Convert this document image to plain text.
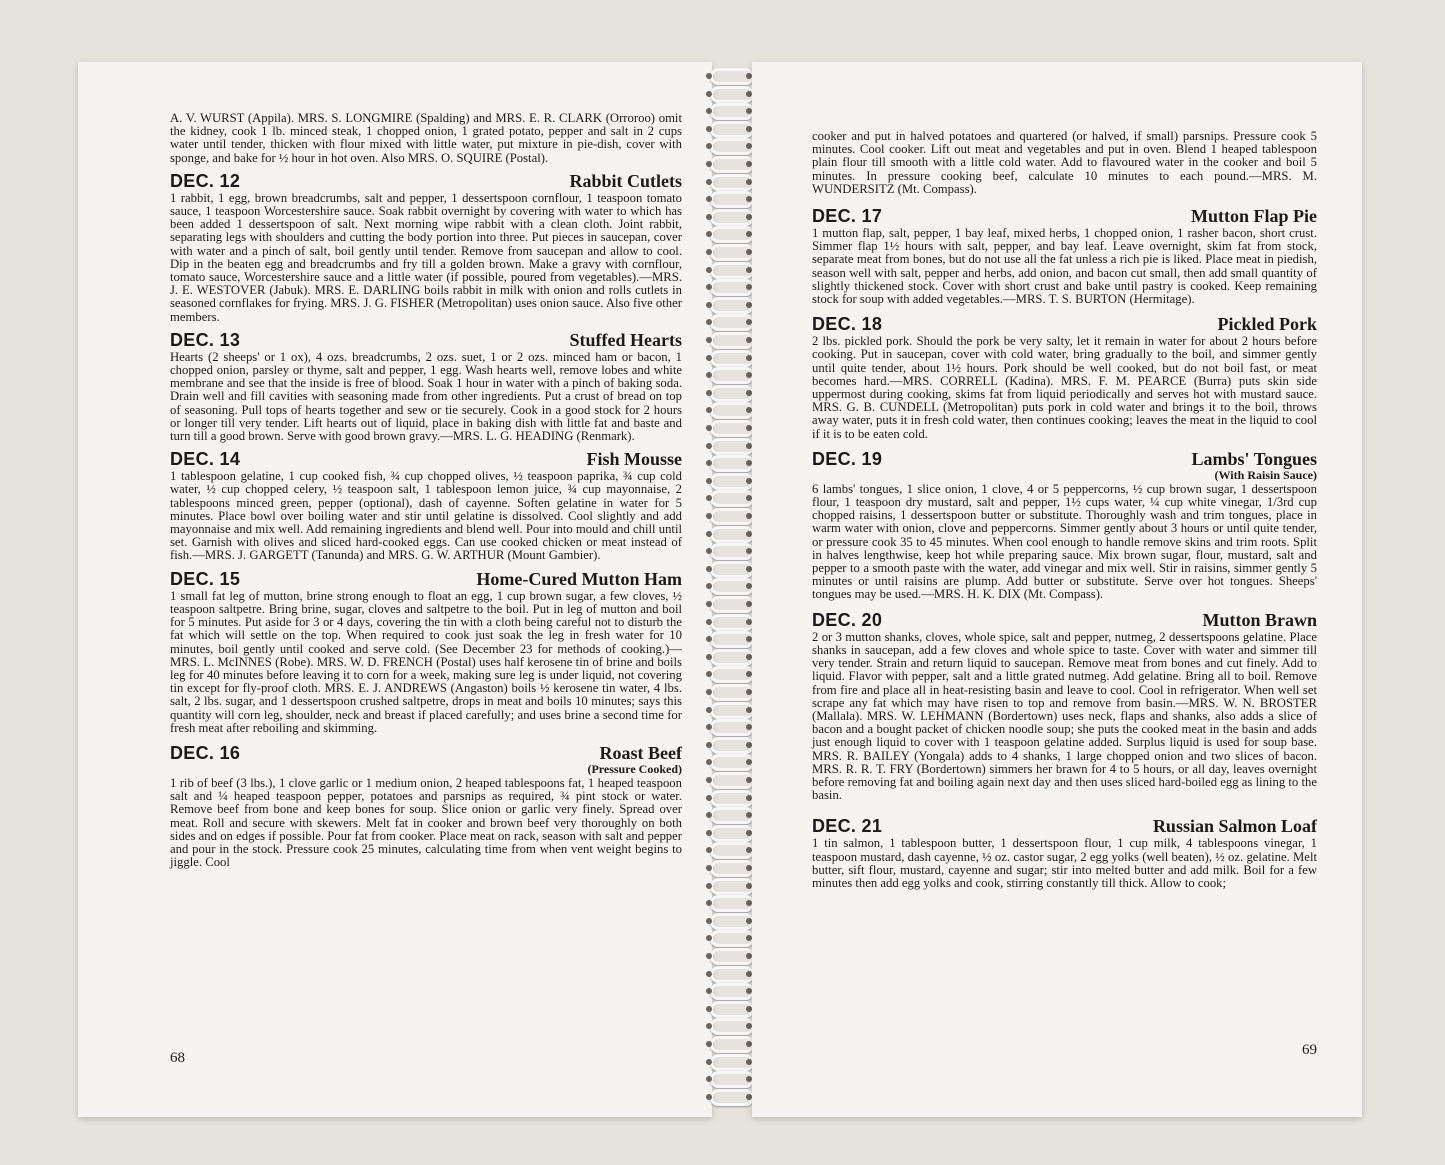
A. V. WURST (Appila). MRS. S. LONGMIRE (Spalding) and MRS. E. R. CLARK (Orroroo) omit the kidney, cook 1 lb. minced steak, 1 chopped onion, 1 grated potato, pepper and salt in 2 cups water until tender, thicken with flour mixed with little water, put mixture in pie-dish, cover with sponge, and bake for ½ hour in hot oven. Also MRS. O. SQUIRE (Postal).

DEC. 12	Rabbit Cutlets

1 rabbit, 1 egg, brown breadcrumbs, salt and pepper, 1 dessertspoon cornflour, 1 teaspoon tomato sauce, 1 teaspoon Worcestershire sauce. Soak rabbit overnight by covering with water to which has been added 1 dessertspoon of salt. Next morning wipe rabbit with a clean cloth. Joint rabbit, separating legs with shoulders and cutting the body portion into three. Put pieces in saucepan, cover with water and a pinch of salt, boil gently until tender. Remove from saucepan and allow to cool. Dip in the beaten egg and breadcrumbs and fry till a golden brown. Make a gravy with cornflour, tomato sauce, Worcestershire sauce and a little water (if possible, poured from vegetables).—MRS. J. E. WESTOVER (Jabuk). MRS. E. DARLING boils rabbit in milk with onion and rolls cutlets in seasoned cornflakes for frying. MRS. J. G. FISHER (Metropolitan) uses onion sauce. Also five other members.

DEC. 13	Stuffed Hearts

Hearts (2 sheeps' or 1 ox), 4 ozs. breadcrumbs, 2 ozs. suet, 1 or 2 ozs. minced ham or bacon, 1 chopped onion, parsley or thyme, salt and pepper, 1 egg. Wash hearts well, remove lobes and white membrane and see that the inside is free of blood. Soak 1 hour in water with a pinch of baking soda. Drain well and fill cavities with seasoning made from other ingredients. Put a crust of bread on top of seasoning. Pull tops of hearts together and sew or tie securely. Cook in a good stock for 2 hours or longer till very tender. Lift hearts out of liquid, place in baking dish with little fat and baste and turn till a good brown. Serve with good brown gravy.—MRS. L. G. HEADING (Renmark).

DEC. 14	Fish Mousse

1 tablespoon gelatine, 1 cup cooked fish, ¾ cup chopped olives, ½ teaspoon paprika, ¾ cup cold water, ½ cup chopped celery, ½ teaspoon salt, 1 tablespoon lemon juice, ¾ cup mayonnaise, 2 tablespoons minced green, pepper (optional), dash of cayenne. Soften gelatine in water for 5 minutes. Place bowl over boiling water and stir until gelatine is dissolved. Cool slightly and add mayonnaise and mix well. Add remaining ingredients and blend well. Pour into mould and chill until set. Garnish with olives and sliced hard-cooked eggs. Can use cooked chicken or meat instead of fish.—MRS. J. GARGETT (Tanunda) and MRS. G. W. ARTHUR (Mount Gambier).

DEC. 15	Home-Cured Mutton Ham

1 small fat leg of mutton, brine strong enough to float an egg, 1 cup brown sugar, a few cloves, ½ teaspoon saltpetre. Bring brine, sugar, cloves and saltpetre to the boil. Put in leg of mutton and boil for 5 minutes. Put aside for 3 or 4 days, covering the tin with a cloth being careful not to disturb the fat which will settle on the top. When required to cook just soak the leg in fresh water for 10 minutes, boil gently until cooked and serve cold. (See December 23 for methods of cooking.)—MRS. L. McINNES (Robe). MRS. W. D. FRENCH (Postal) uses half kerosene tin of brine and boils leg for 40 minutes before leaving it to corn for a week, making sure leg is under liquid, not covering tin except for fly-proof cloth. MRS. E. J. ANDREWS (Angaston) boils ½ kerosene tin water, 4 lbs. salt, 2 lbs. sugar, and 1 dessertspoon crushed saltpetre, drops in meat and boils 10 minutes; says this quantity will corn leg, shoulder, neck and breast if placed carefully; and uses brine a second time for fresh meat after reboiling and skimming.

DEC. 16	Roast Beef
(Pressure Cooked)

1 rib of beef (3 lbs.), 1 clove garlic or 1 medium onion, 2 heaped tablespoons fat, 1 heaped teaspoon salt and ¼ heaped teaspoon pepper, potatoes and parsnips as required, ¾ pint stock or water. Remove beef from bone and keep bones for soup. Slice onion or garlic very finely. Spread over meat. Roll and secure with skewers. Melt fat in cooker and brown beef very thoroughly on both sides and on edges if possible. Pour fat from cooker. Place meat on rack, season with salt and pepper and pour in the stock. Pressure cook 25 minutes, calculating time from when vent weight begins to jiggle. Cool

68

cooker and put in halved potatoes and quartered (or halved, if small) parsnips. Pressure cook 5 minutes. Cool cooker. Lift out meat and vegetables and put in oven. Blend 1 heaped tablespoon plain flour till smooth with a little cold water. Add to flavoured water in the cooker and boil 5 minutes. In pressure cooking beef, calculate 10 minutes to each pound.—MRS. M. WUNDERSITZ (Mt. Compass).

DEC. 17	Mutton Flap Pie

1 mutton flap, salt, pepper, 1 bay leaf, mixed herbs, 1 chopped onion, 1 rasher bacon, short crust. Simmer flap 1½ hours with salt, pepper, and bay leaf. Leave overnight, skim fat from stock, separate meat from bones, but do not use all the fat unless a rich pie is liked. Place meat in piedish, season well with salt, pepper and herbs, add onion, and bacon cut small, then add small quantity of slightly thickened stock. Cover with short crust and bake until pastry is cooked. Keep remaining stock for soup with added vegetables.—MRS. T. S. BURTON (Hermitage).

DEC. 18	Pickled Pork

2 lbs. pickled pork. Should the pork be very salty, let it remain in water for about 2 hours before cooking. Put in saucepan, cover with cold water, bring gradually to the boil, and simmer gently until quite tender, about 1½ hours. Pork should be well cooked, but do not boil fast, or meat becomes hard.—MRS. CORRELL (Kadina). MRS. F. M. PEARCE (Burra) puts skin side uppermost during cooking, skims fat from liquid periodically and serves hot with mustard sauce. MRS. G. B. CUNDELL (Metropolitan) puts pork in cold water and brings it to the boil, throws away water, puts it in fresh cold water, then continues cooking; leaves the meat in the liquid to cool if it is to be eaten cold.

DEC. 19	Lambs' Tongues
(With Raisin Sauce)

6 lambs' tongues, 1 slice onion, 1 clove, 4 or 5 peppercorns, ½ cup brown sugar, 1 dessertspoon flour, 1 teaspoon dry mustard, salt and pepper, 1½ cups water, ¼ cup white vinegar, 1/3rd cup chopped raisins, 1 dessertspoon butter or substitute. Thoroughly wash and trim tongues, place in warm water with onion, clove and peppercorns. Simmer gently about 3 hours or until quite tender, or pressure cook 35 to 45 minutes. When cool enough to handle remove skins and trim roots. Split in halves lengthwise, keep hot while preparing sauce. Mix brown sugar, flour, mustard, salt and pepper to a smooth paste with the water, add vinegar and mix well. Stir in raisins, simmer gently 5 minutes or until raisins are plump. Add butter or substitute. Serve over hot tongues. Sheeps' tongues may be used.—MRS. H. K. DIX (Mt. Compass).

DEC. 20	Mutton Brawn

2 or 3 mutton shanks, cloves, whole spice, salt and pepper, nutmeg, 2 dessertspoons gelatine. Place shanks in saucepan, add a few cloves and whole spice to taste. Cover with water and simmer till very tender. Strain and return liquid to saucepan. Remove meat from bones and cut finely. Add to liquid. Flavor with pepper, salt and a little grated nutmeg. Add gelatine. Bring all to boil. Remove from fire and place all in heat-resisting basin and leave to cool. Cool in refrigerator. When well set scrape any fat which may have risen to top and remove from basin.—MRS. W. N. BROSTER (Mallala). MRS. W. LEHMANN (Bordertown) uses neck, flaps and shanks, also adds a slice of bacon and a bought packet of chicken noodle soup; she puts the cooked meat in the basin and adds just enough liquid to cover with 1 teaspoon gelatine added. Surplus liquid is used for soup base. MRS. R. BAILEY (Yongala) adds to 4 shanks, 1 large chopped onion and two slices of bacon. MRS. R. R. T. FRY (Bordertown) simmers her brawn for 4 to 5 hours, or all day, leaves overnight before removing fat and boiling again next day and then uses sliced hard-boiled egg as lining to the basin.

DEC. 21	Russian Salmon Loaf

1 tin salmon, 1 tablespoon butter, 1 dessertspoon flour, 1 cup milk, 4 tablespoons vinegar, 1 teaspoon mustard, dash cayenne, ½ oz. castor sugar, 2 egg yolks (well beaten), ½ oz. gelatine. Melt butter, sift flour, mustard, cayenne and sugar; stir into melted butter and add milk. Boil for a few minutes then add egg yolks and cook, stirring constantly till thick. Allow to cook;

69
